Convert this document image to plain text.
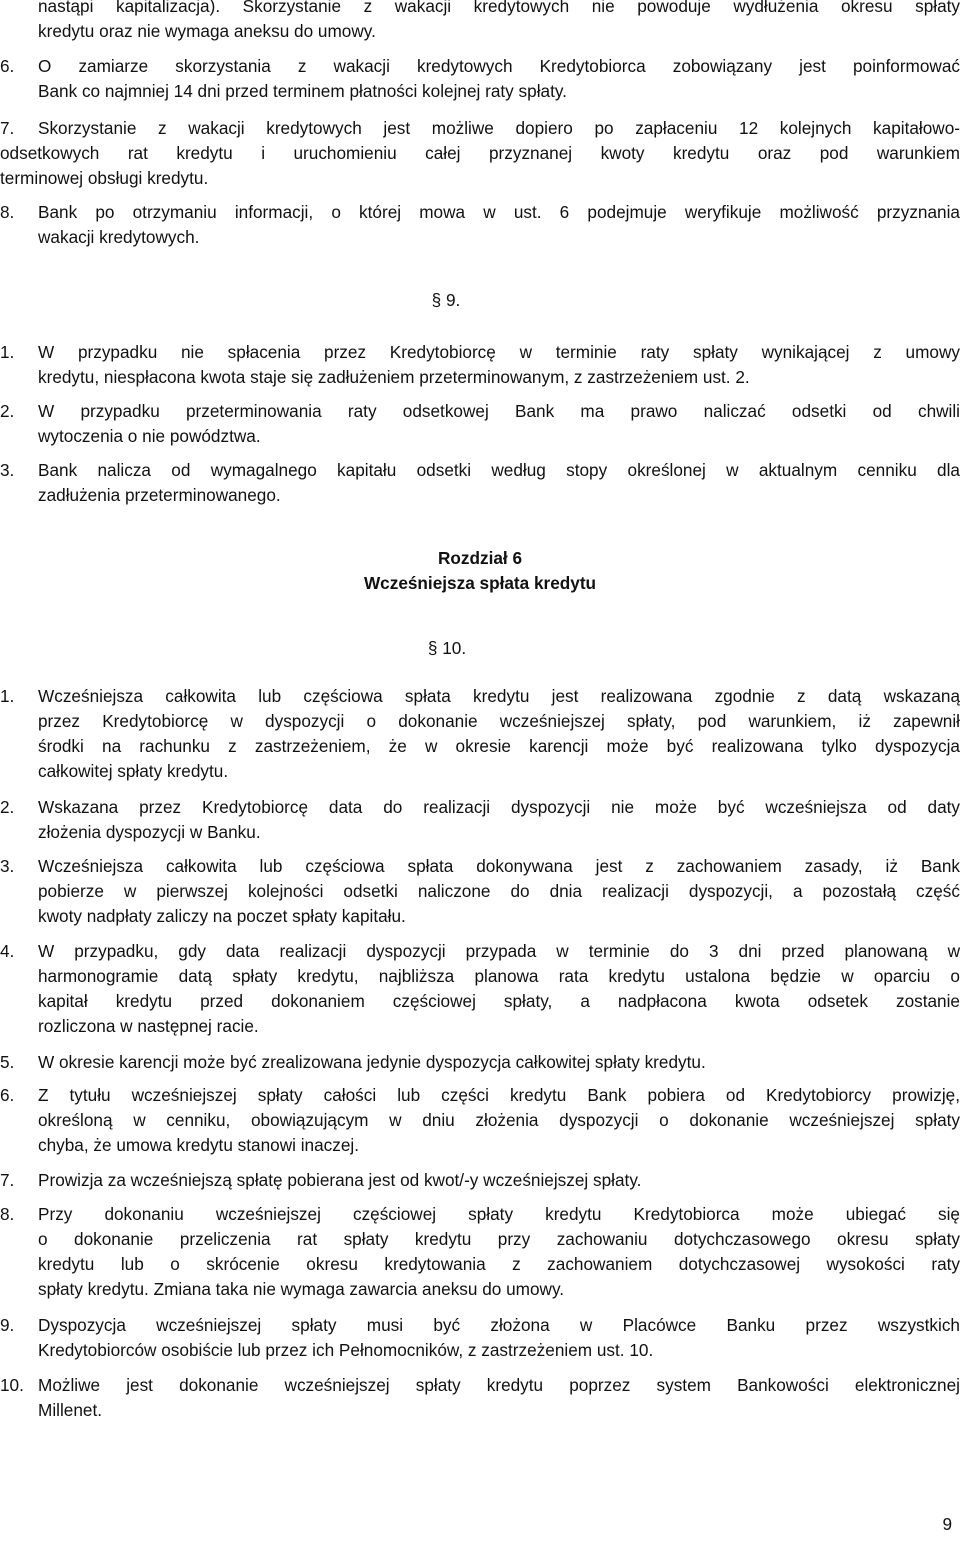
nastąpi kapitalizacja). Skorzystanie z wakacji kredytowych nie powoduje wydłużenia okresu spłaty
kredytu oraz nie wymaga aneksu do umowy.
6.	O zamiarze skorzystania z wakacji kredytowych Kredytobiorca zobowiązany jest poinformować
Bank co najmniej 14 dni przed terminem płatności kolejnej raty spłaty.
7.	Skorzystanie z wakacji kredytowych jest możliwe dopiero po zapłaceniu 12 kolejnych kapitałowo-
odsetkowych rat kredytu i uruchomieniu całej przyznanej kwoty kredytu oraz pod warunkiem
terminowej obsługi kredytu.
8.	Bank po otrzymaniu informacji, o której mowa w ust. 6 podejmuje weryfikuje możliwość przyznania
wakacji kredytowych.
§ 9.
1.	W przypadku nie spłacenia przez Kredytobiorcę w terminie raty spłaty wynikającej z umowy
kredytu, niespłacona kwota staje się zadłużeniem przeterminowanym, z zastrzeżeniem ust. 2.
2.	W przypadku przeterminowania raty odsetkowej Bank ma prawo naliczać odsetki od chwili
wytoczenia o nie powództwa.
3.	Bank nalicza od wymagalnego kapitału odsetki według stopy określonej w aktualnym cenniku dla
zadłużenia przeterminowanego.
Rozdział 6
Wcześniejsza spłata kredytu
§ 10.
1.	Wcześniejsza całkowita lub częściowa spłata kredytu jest realizowana zgodnie z datą wskazaną
przez Kredytobiorcę w dyspozycji o dokonanie wcześniejszej spłaty, pod warunkiem, iż zapewnił
środki na rachunku z zastrzeżeniem, że w okresie karencji może być realizowana tylko dyspozycja
całkowitej spłaty kredytu.
2.	Wskazana przez Kredytobiorcę data do realizacji dyspozycji nie może być wcześniejsza od daty
złożenia dyspozycji w Banku.
3.	Wcześniejsza całkowita lub częściowa spłata dokonywana jest z zachowaniem zasady, iż Bank
pobierze w pierwszej kolejności odsetki naliczone do dnia realizacji dyspozycji, a pozostałą część
kwoty nadpłaty zaliczy na poczet spłaty kapitału.
4.	W przypadku, gdy data realizacji dyspozycji przypada w terminie do 3 dni przed planowaną w
harmonogramie datą spłaty kredytu, najbliższa planowa rata kredytu ustalona będzie w oparciu o
kapitał kredytu przed dokonaniem częściowej spłaty, a nadpłacona kwota odsetek zostanie
rozliczona w następnej racie.
5.	W okresie karencji może być zrealizowana jedynie dyspozycja całkowitej spłaty kredytu.
6.	Z tytułu wcześniejszej spłaty całości lub części kredytu Bank pobiera od Kredytobiorcy prowizję,
określoną w cenniku, obowiązującym w dniu złożenia dyspozycji o dokonanie wcześniejszej spłaty
chyba, że umowa kredytu stanowi inaczej.
7.	Prowizja za wcześniejszą spłatę pobierana jest od kwot/-y wcześniejszej spłaty.
8.	Przy dokonaniu wcześniejszej częściowej spłaty kredytu Kredytobiorca może ubiegać się
o dokonanie przeliczenia rat spłaty kredytu przy zachowaniu dotychczasowego okresu spłaty
kredytu lub o skrócenie okresu kredytowania z zachowaniem dotychczasowej wysokości raty
spłaty kredytu. Zmiana taka nie wymaga zawarcia aneksu do umowy.
9.	Dyspozycja wcześniejszej spłaty musi być złożona w Placówce Banku przez wszystkich
Kredytobiorców osobiście lub przez ich Pełnomocników, z zastrzeżeniem ust. 10.
10. Możliwe jest dokonanie wcześniejszej spłaty kredytu poprzez system Bankowości elektronicznej
Millenet.
9
